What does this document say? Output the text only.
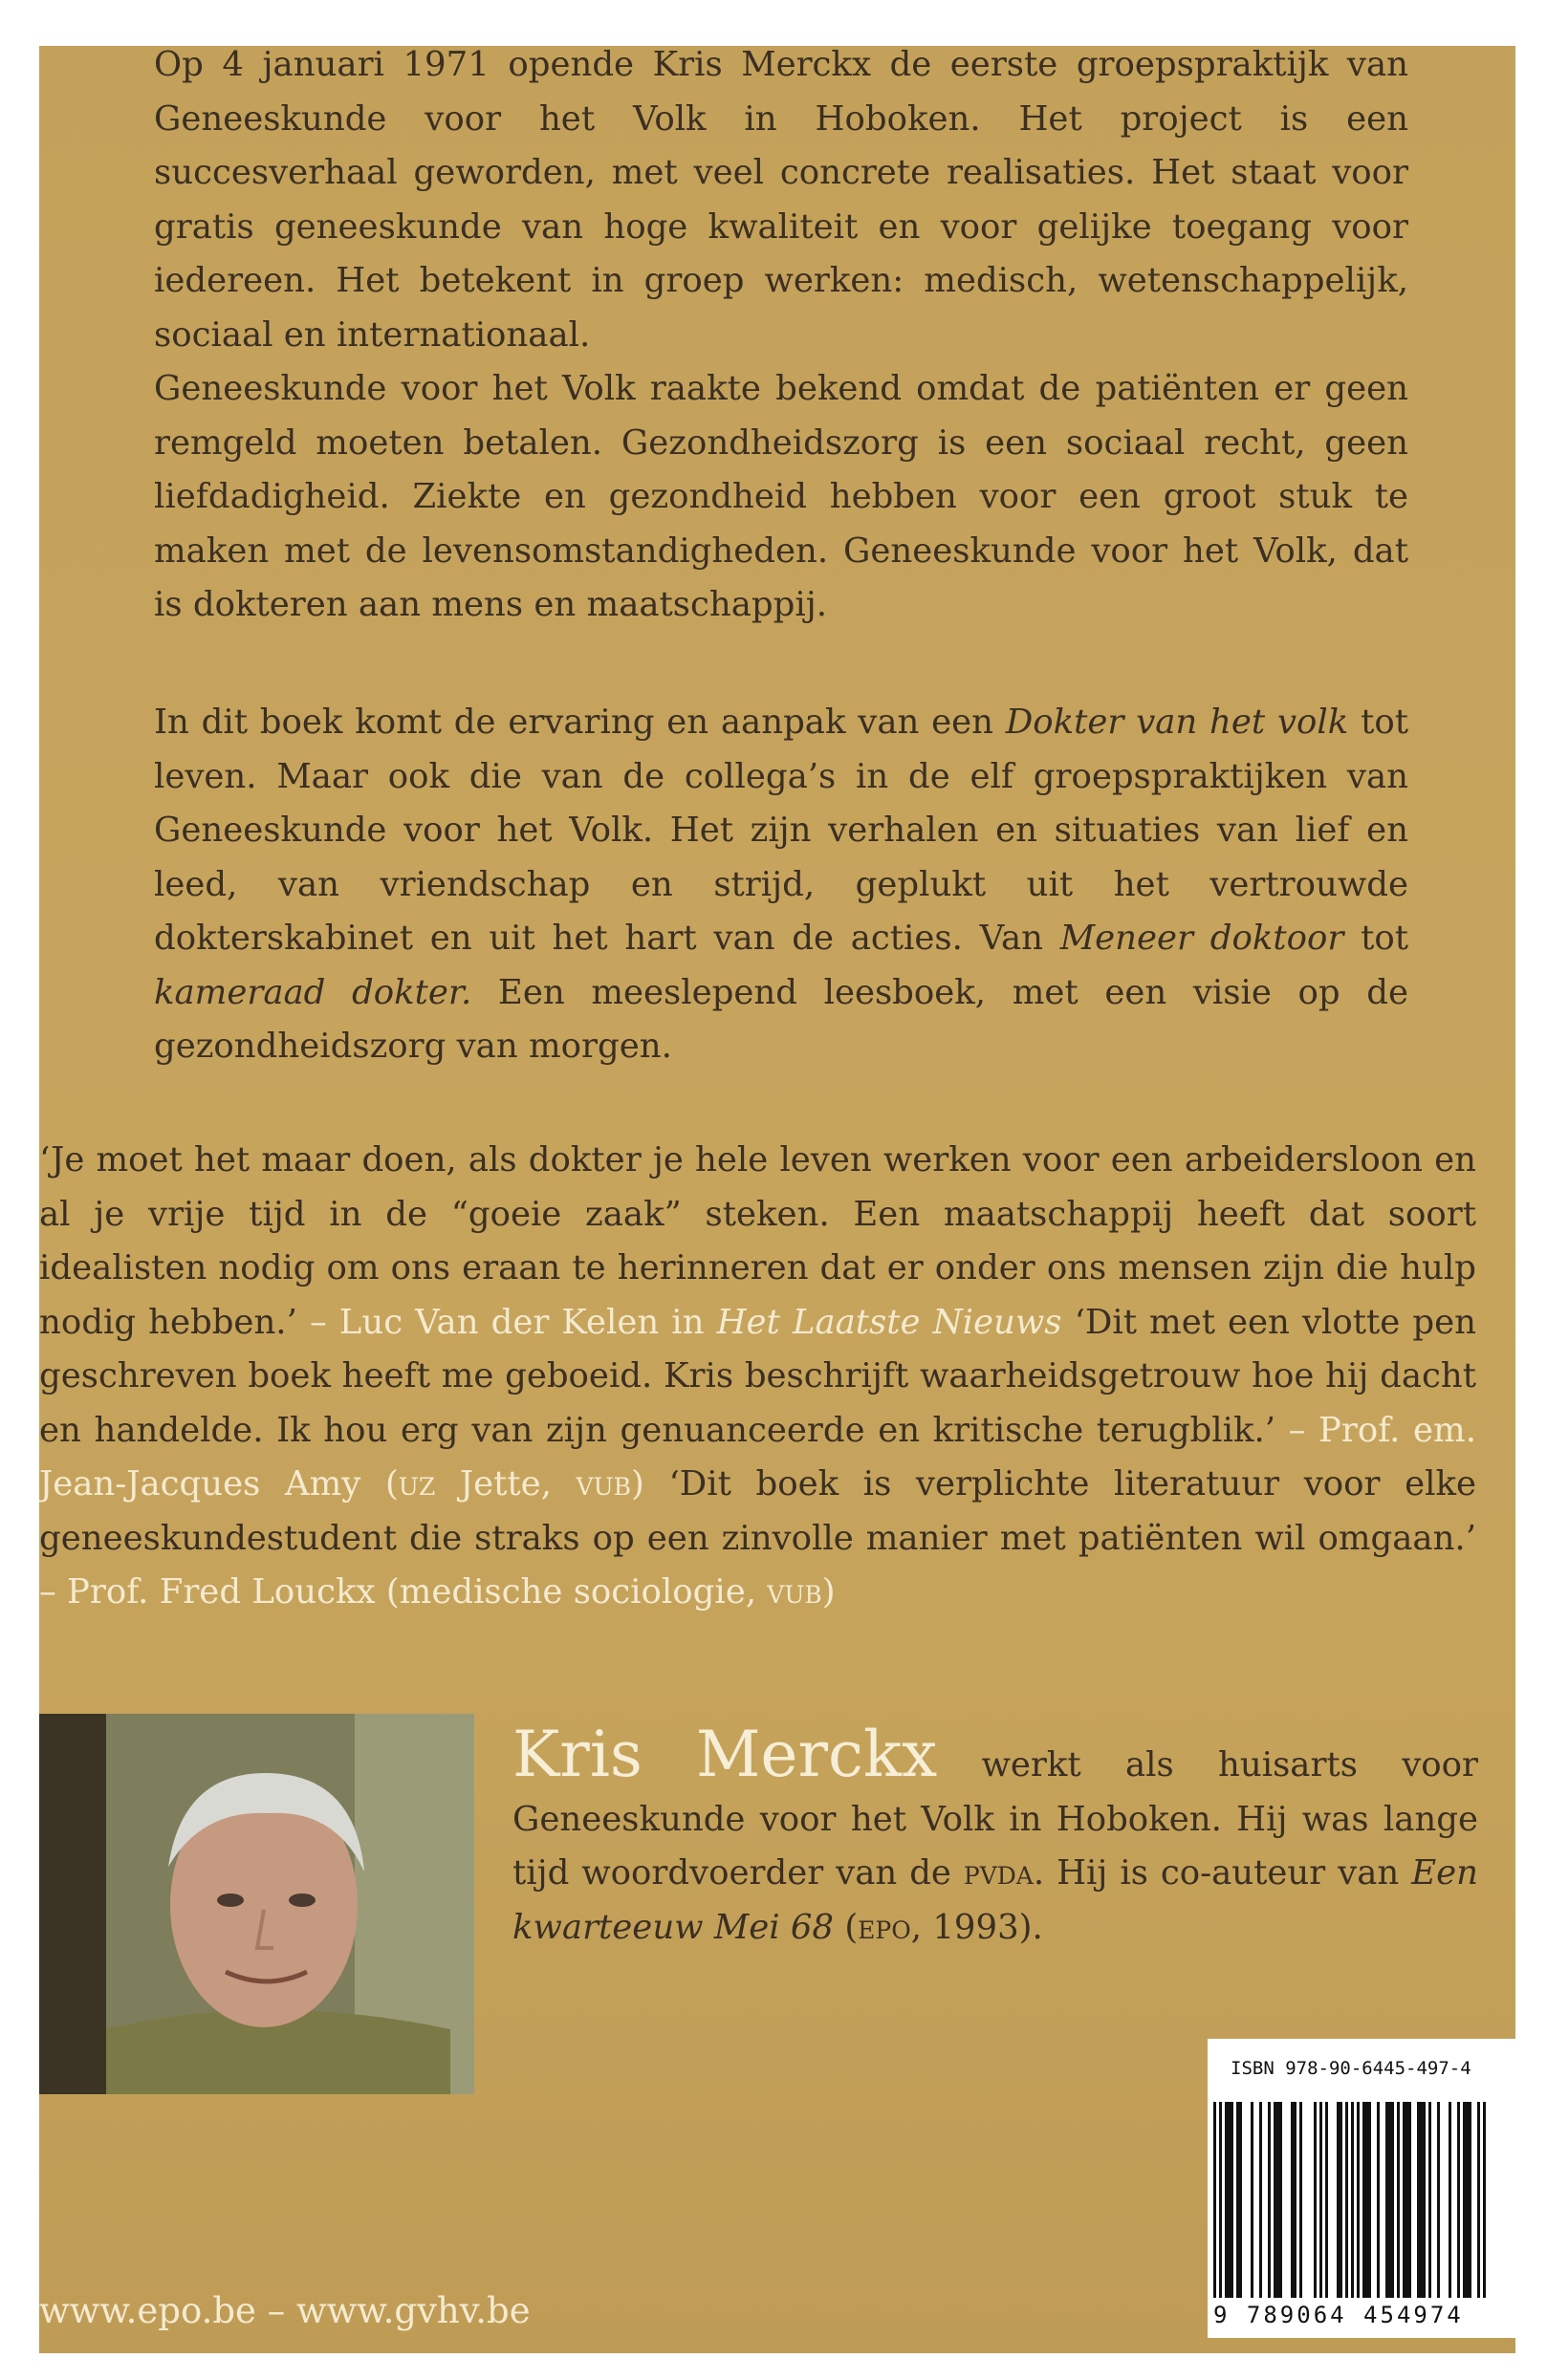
Op 4 januari 1971 opende Kris Merckx de eerste groepspraktijk van Geneeskunde voor het Volk in Hoboken. Het project is een succesverhaal geworden, met veel concrete realisaties. Het staat voor gratis geneeskunde van hoge kwaliteit en voor gelijke toegang voor iedereen. Het betekent in groep werken: medisch, wetenschappelijk, sociaal en internationaal.
Geneeskunde voor het Volk raakte bekend omdat de patiënten er geen remgeld moeten betalen. Gezondheidszorg is een sociaal recht, geen liefdadigheid. Ziekte en gezondheid hebben voor een groot stuk te maken met de levensomstandigheden. Geneeskunde voor het Volk, dat is dokteren aan mens en maatschappij.

In dit boek komt de ervaring en aanpak van een Dokter van het volk tot leven. Maar ook die van de collega’s in de elf groepspraktijken van Geneeskunde voor het Volk. Het zijn verhalen en situaties van lief en leed, van vriendschap en strijd, geplukt uit het vertrouwde dokterskabinet en uit het hart van de acties. Van Meneer doktoor tot kameraad dokter. Een meeslepend leesboek, met een visie op de gezondheidszorg van morgen.

‘Je moet het maar doen, als dokter je hele leven werken voor een arbeidersloon en al je vrije tijd in de “goeie zaak” steken. Een maatschappij heeft dat soort idealisten nodig om ons eraan te herinneren dat er onder ons mensen zijn die hulp nodig hebben.’ – Luc Van der Kelen in Het Laatste Nieuws ‘Dit met een vlotte pen geschreven boek heeft me geboeid. Kris beschrijft waarheidsgetrouw hoe hij dacht en handelde. Ik hou erg van zijn genuanceerde en kritische terugblik.’ – Prof. em. Jean-Jacques Amy (uz Jette, vub) ‘Dit boek is verplichte literatuur voor elke geneeskundestudent die straks op een zinvolle manier met patiënten wil omgaan.’ – Prof. Fred Louckx (medische sociologie, vub)

Kris Merckx werkt als huisarts voor Geneeskunde voor het Volk in Hoboken. Hij was lange tijd woordvoerder van de pvda. Hij is co-auteur van Een kwarteeuw Mei 68 (epo, 1993).

www.epo.be – www.gvhv.be
ISBN 978-90-6445-497-4
9 789064 454974
